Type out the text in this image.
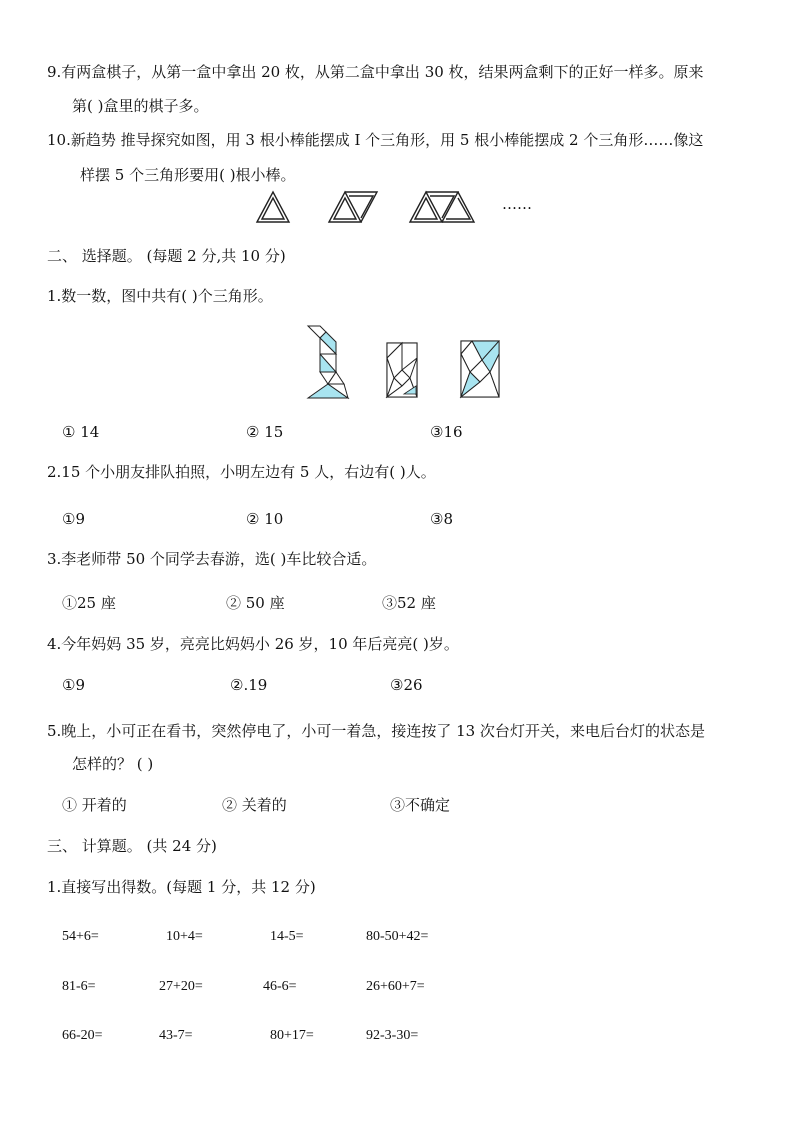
9.有两盒棋子，从第一盒中拿出 20 枚，从第二盒中拿出 30 枚，结果两盒剩下的正好一样多。原来
第( )盒里的棋子多。
10.新趋势 推导探究如图，用 3 根小棒能摆成 I 个三角形，用 5 根小棒能摆成 2 个三角形……像这
样摆 5 个三角形要用( )根小棒。
……
二、 选择题。 (每题 2 分,共 10 分)
1.数一数，图中共有( )个三角形。
① 14	② 15	③16
2.15 个小朋友排队拍照，小明左边有 5 人，右边有( )人。
①9	② 10	③8
3.李老师带 50 个同学去春游，选( )车比较合适。
①25 座	② 50 座	③52 座
4.今年妈妈 35 岁，亮亮比妈妈小 26 岁，10 年后亮亮( )岁。
①9	②.19	③26
5.晚上，小可正在看书，突然停电了，小可一着急，接连按了 13 次台灯开关，来电后台灯的状态是
怎样的？ ( )
① 开着的	② 关着的	③不确定
三、 计算题。 (共 24 分)
1.直接写出得数。(每题 1 分，共 12 分)
54+6=	10+4=	14-5=	80-50+42=
81-6=	27+20=	46-6=	26+60+7=
66-20=	43-7=	80+17=	92-3-30=
